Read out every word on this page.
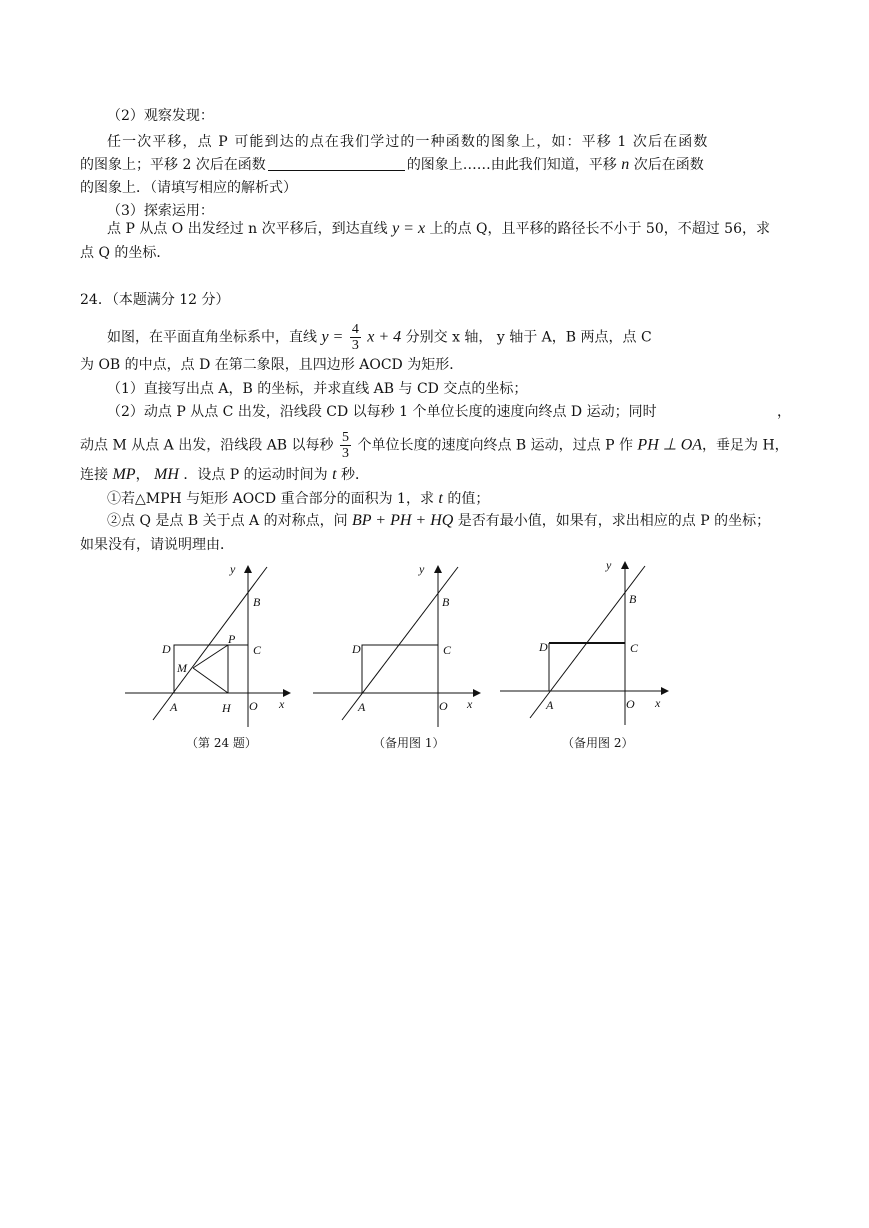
（2）观察发现：
任一次平移，点 P 可能到达的点在我们学过的一种函数的图象上，如：平移 1 次后在函数
的图象上；平移 2 次后在函数	的图象上……由此我们知道，平移 n 次后在函数
的图象上．（请填写相应的解析式）
（3）探索运用：
点 P 从点 O 出发经过 n 次平移后，到达直线 y = x 上的点 Q，且平移的路径长不小于 50，不超过 56，求
点 Q 的坐标．
24．（本题满分 12 分）
如图，在平面直角坐标系中，直线 $y = \frac{4}{3}$ x + 4 分别交 x 轴， y 轴于 A，B 两点，点 C
为 OB 的中点，点 D 在第二象限，且四边形 AOCD 为矩形．
（1）直接写出点 A，B 的坐标，并求直线 AB 与 CD 交点的坐标；
（2）动点 P 从点 C 出发，沿线段 CD 以每秒 1 个单位长度的速度向终点 D 运动；同时	，
动点 M 从点 A 出发，沿线段 AB 以每秒 $\frac{5}{3}$ 个单位长度的速度向终点 B 运动，过点 P 作 PH ⊥ OA，垂足为 H，
连接 MP， MH ．设点 P 的运动时间为 t 秒．
①若△MPH 与矩形 AOCD 重合部分的面积为 1，求 t 的值；
②点 Q 是点 B 关于点 A 的对称点，问 BP + PH + HQ 是否有最小值，如果有，求出相应的点 P 的坐标；
如果没有，请说明理由．
y
x
B
C
D
P
M
A	H O
y
x
B
C
D
A	O
y
x
B
C
D
A	O
（第 24 题）	（备用图 1）	（备用图 2）
